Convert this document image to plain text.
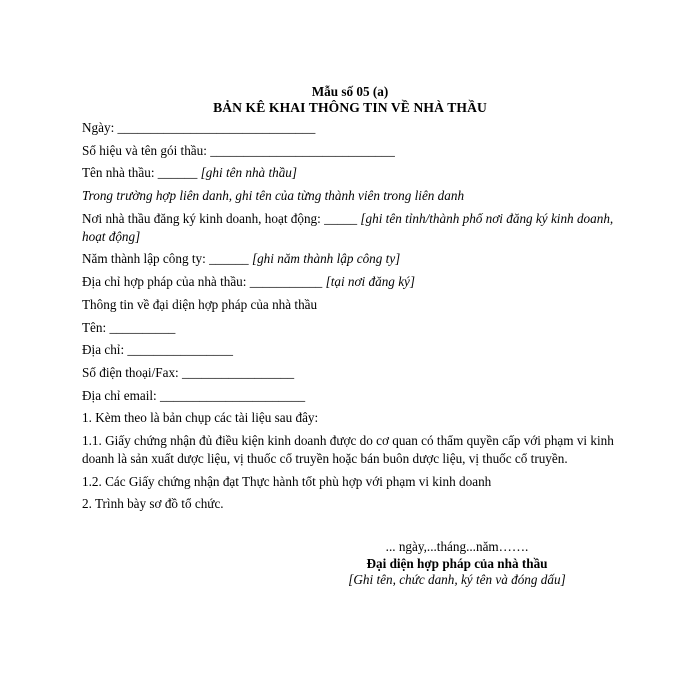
Mẫu số 05 (a)
BẢN KÊ KHAI THÔNG TIN VỀ NHÀ THẦU

Ngày: ______________________________

Số hiệu và tên gói thầu: ____________________________

Tên nhà thầu: ______ [ghi tên nhà thầu]

Trong trường hợp liên danh, ghi tên của từng thành viên trong liên danh

Nơi nhà thầu đăng ký kinh doanh, hoạt động: _____ [ghi tên tỉnh/thành phố nơi đăng ký kinh doanh, hoạt động]

Năm thành lập công ty: ______ [ghi năm thành lập công ty]

Địa chỉ hợp pháp của nhà thầu: ___________ [tại nơi đăng ký]

Thông tin về đại diện hợp pháp của nhà thầu

Tên: __________

Địa chỉ: ________________

Số điện thoại/Fax: _________________

Địa chỉ email: ______________________

1. Kèm theo là bản chụp các tài liệu sau đây:

1.1. Giấy chứng nhận đủ điều kiện kinh doanh được do cơ quan có thẩm quyền cấp với phạm vi kinh doanh là sản xuất dược liệu, vị thuốc cổ truyền hoặc bán buôn dược liệu, vị thuốc cổ truyền.

1.2. Các Giấy chứng nhận đạt Thực hành tốt phù hợp với phạm vi kinh doanh

2. Trình bày sơ đồ tổ chức.

... ngày,...tháng...năm…….
Đại diện hợp pháp của nhà thầu
[Ghi tên, chức danh, ký tên và đóng dấu]
